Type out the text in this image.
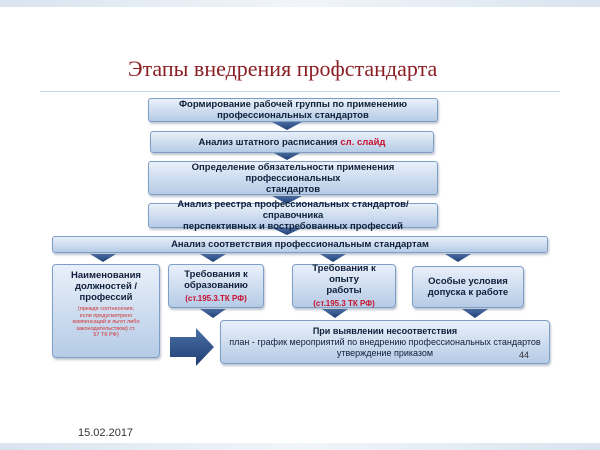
Этапы внедрения профстандарта
Формирование рабочей группы по применению
профессиональных стандартов
Анализ штатного расписания сл. слайд
Определение обязательности применения профессиональных
стандартов
Анализ реестра профессиональных стандартов/ справочника
перспективных и востребованных профессий
Анализ соответствия профессиональным стандартам
Наименования
должностей /
профессий
(прежде соотнесения,
если предусмотрено
компенсаций и льгот либо
законодательством) ст.
57 ТК РФ)
Требования к
образованию
(ст.195.3.ТК РФ)
Требования к опыту
работы
(ст.195.3 ТК РФ)
Особые условия
допуска к работе
При выявлении несоответствия
план - график мероприятий по внедрению профессиональных стандартов
утверждение приказом	44
15.02.2017
